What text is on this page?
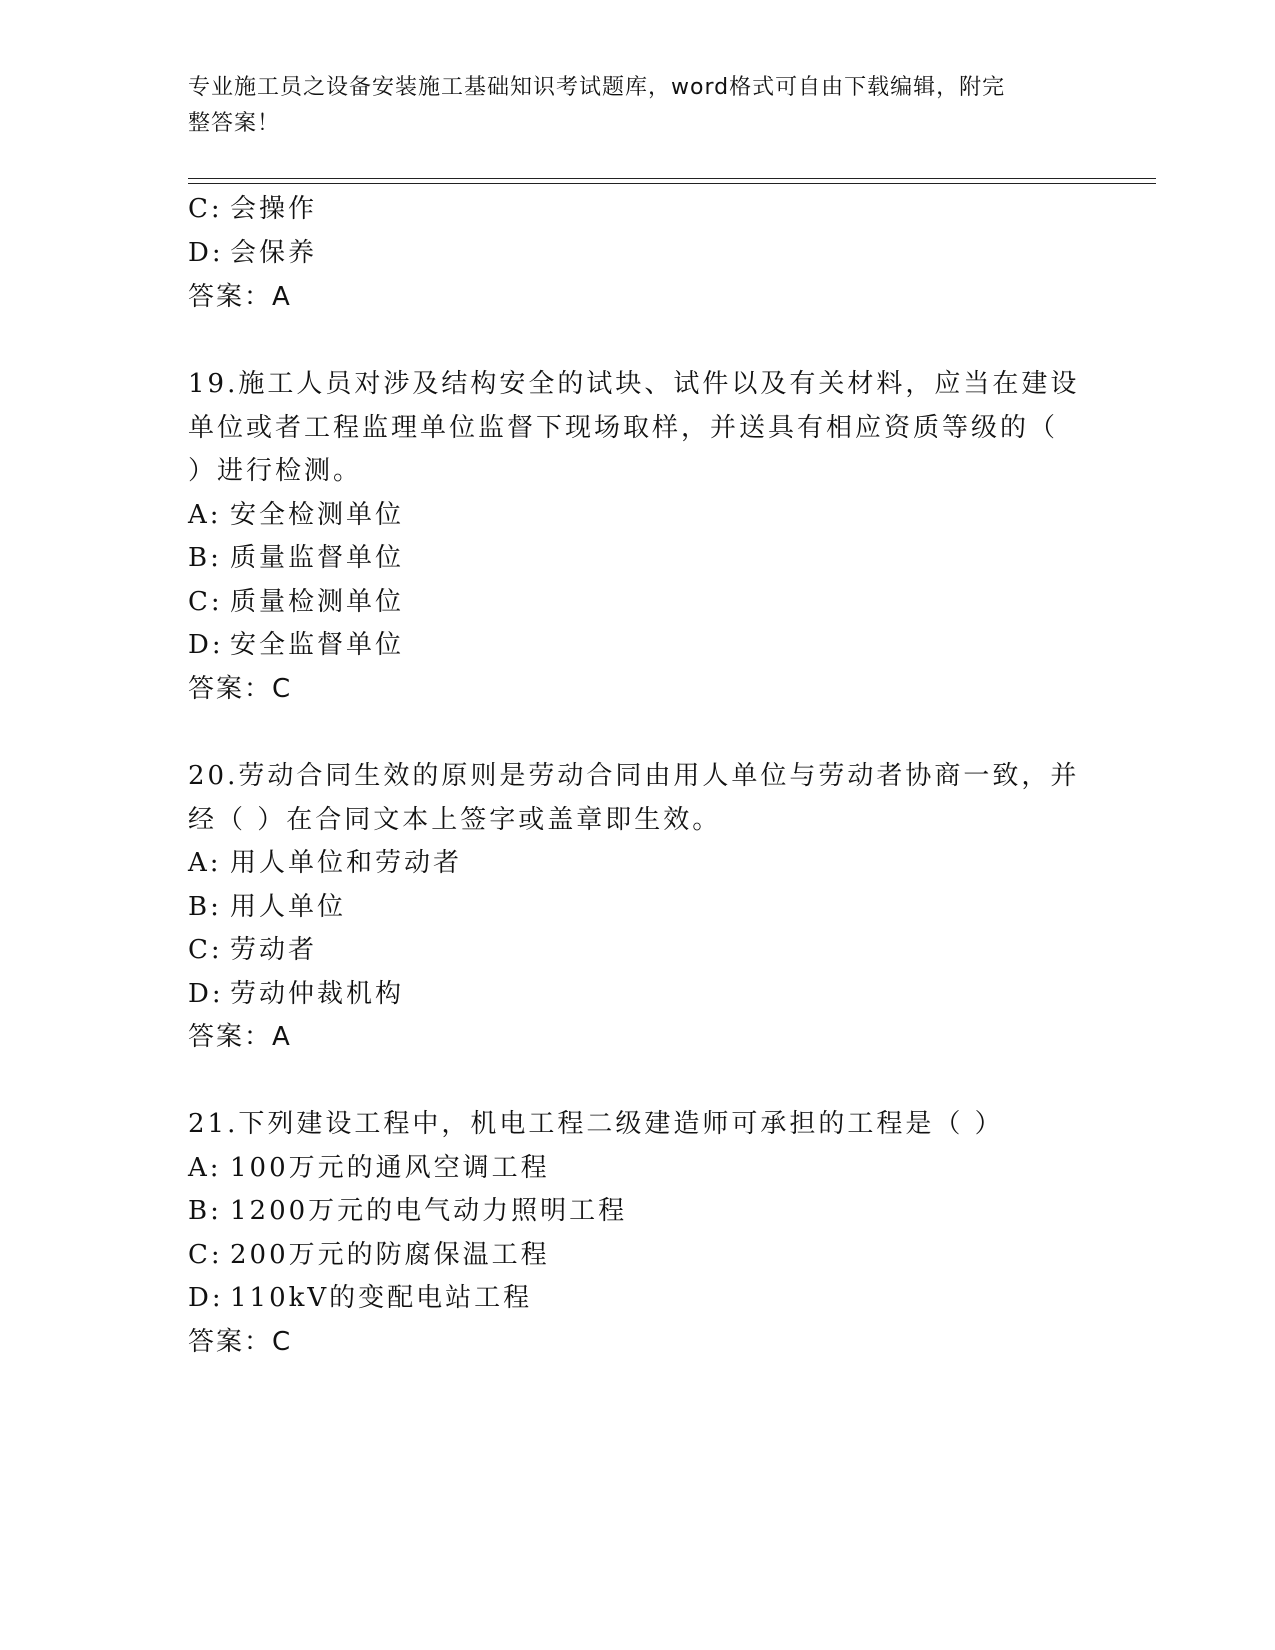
专业施工员之设备安装施工基础知识考试题库，word格式可自由下载编辑，附完
整答案！
C: 会操作
D: 会保养
答案：A
19.施工人员对涉及结构安全的试块、试件以及有关材料，应当在建设
单位或者工程监理单位监督下现场取样，并送具有相应资质等级的（
）进行检测。
A: 安全检测单位
B: 质量监督单位
C: 质量检测单位
D: 安全监督单位
答案：C
20.劳动合同生效的原则是劳动合同由用人单位与劳动者协商一致，并
经（ ）在合同文本上签字或盖章即生效。
A: 用人单位和劳动者
B: 用人单位
C: 劳动者
D: 劳动仲裁机构
答案：A
21.下列建设工程中，机电工程二级建造师可承担的工程是（ ）
A: 100万元的通风空调工程
B: 1200万元的电气动力照明工程
C: 200万元的防腐保温工程
D: 110kV的变配电站工程
答案：C
